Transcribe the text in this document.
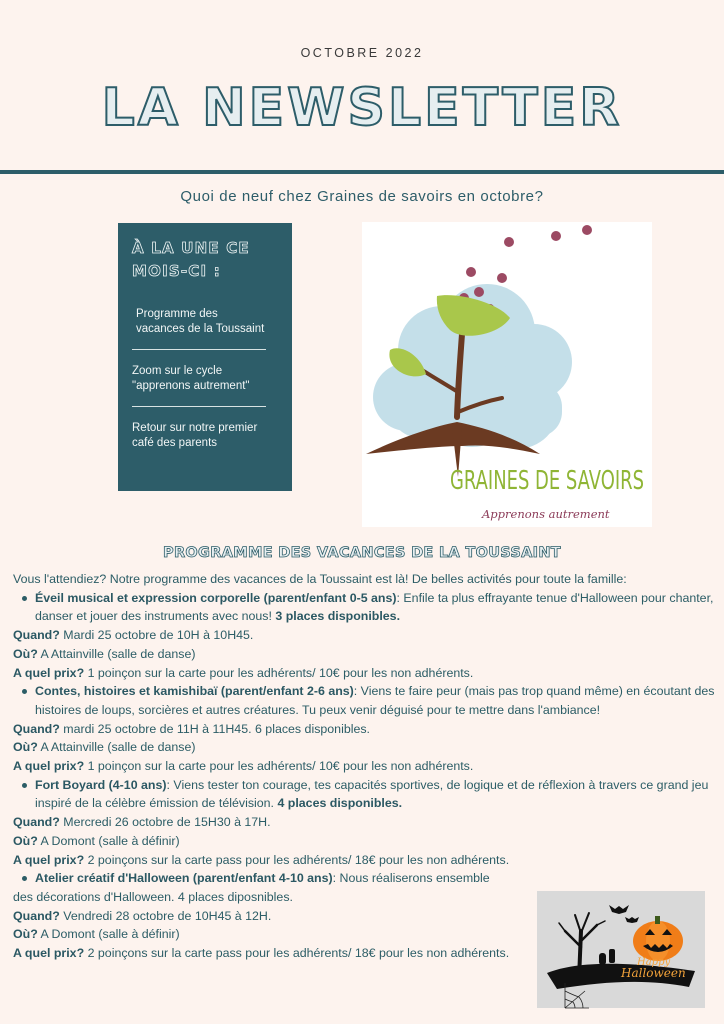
OCTOBRE 2022
LA NEWSLETTER
Quoi de neuf chez Graines de savoirs en octobre?
À LA UNE CE
MOIS-CI :
Programme des
vacances de la Toussaint
Zoom sur le cycle
"apprenons autrement"
Retour sur notre premier
café des parents
GRAINES DE SAVOIRS
Apprenons autrement
PROGRAMME DES VACANCES DE LA TOUSSAINT

Vous l'attendiez? Notre programme des vacances de la Toussaint est là! De belles activités pour toute la famille:

Éveil musical et expression corporelle (parent/enfant 0-5 ans): Enfile ta plus effrayante tenue d'Halloween pour chanter, danser et jouer des instruments avec nous! 3 places disponibles.

Quand? Mardi 25 octobre de 10H à 10H45.

Où? A Attainville (salle de danse)

A quel prix? 1 poinçon sur la carte pour les adhérents/ 10€ pour les non adhérents.

Contes, histoires et kamishibaï (parent/enfant 2-6 ans): Viens te faire peur (mais pas trop quand même) en écoutant des histoires de loups, sorcières et autres créatures. Tu peux venir déguisé pour te mettre dans l'ambiance!

Quand? mardi 25 octobre de 11H à 11H45. 6 places disponibles.

Où? A Attainville (salle de danse)

A quel prix? 1 poinçon sur la carte pour les adhérents/ 10€ pour les non adhérents.

Fort Boyard (4-10 ans): Viens tester ton courage, tes capacités sportives, de logique et de réflexion à travers ce grand jeu inspiré de la célèbre émission de télévision. 4 places disponibles.

Quand? Mercredi 26 octobre de 15H30 à 17H.

Où? A Domont (salle à définir)

A quel prix? 2 poinçons sur la carte pass pour les adhérents/ 18€ pour les non adhérents.

Atelier créatif d'Halloween (parent/enfant 4-10 ans): Nous réaliserons ensemble

des décorations d'Halloween. 4 places diposnibles.

Quand? Vendredi 28 octobre de 10H45 à 12H.

Où? A Domont (salle à définir)

A quel prix? 2 poinçons sur la carte pass pour les adhérents/ 18€ pour les non adhérents.

Happy
Halloween
